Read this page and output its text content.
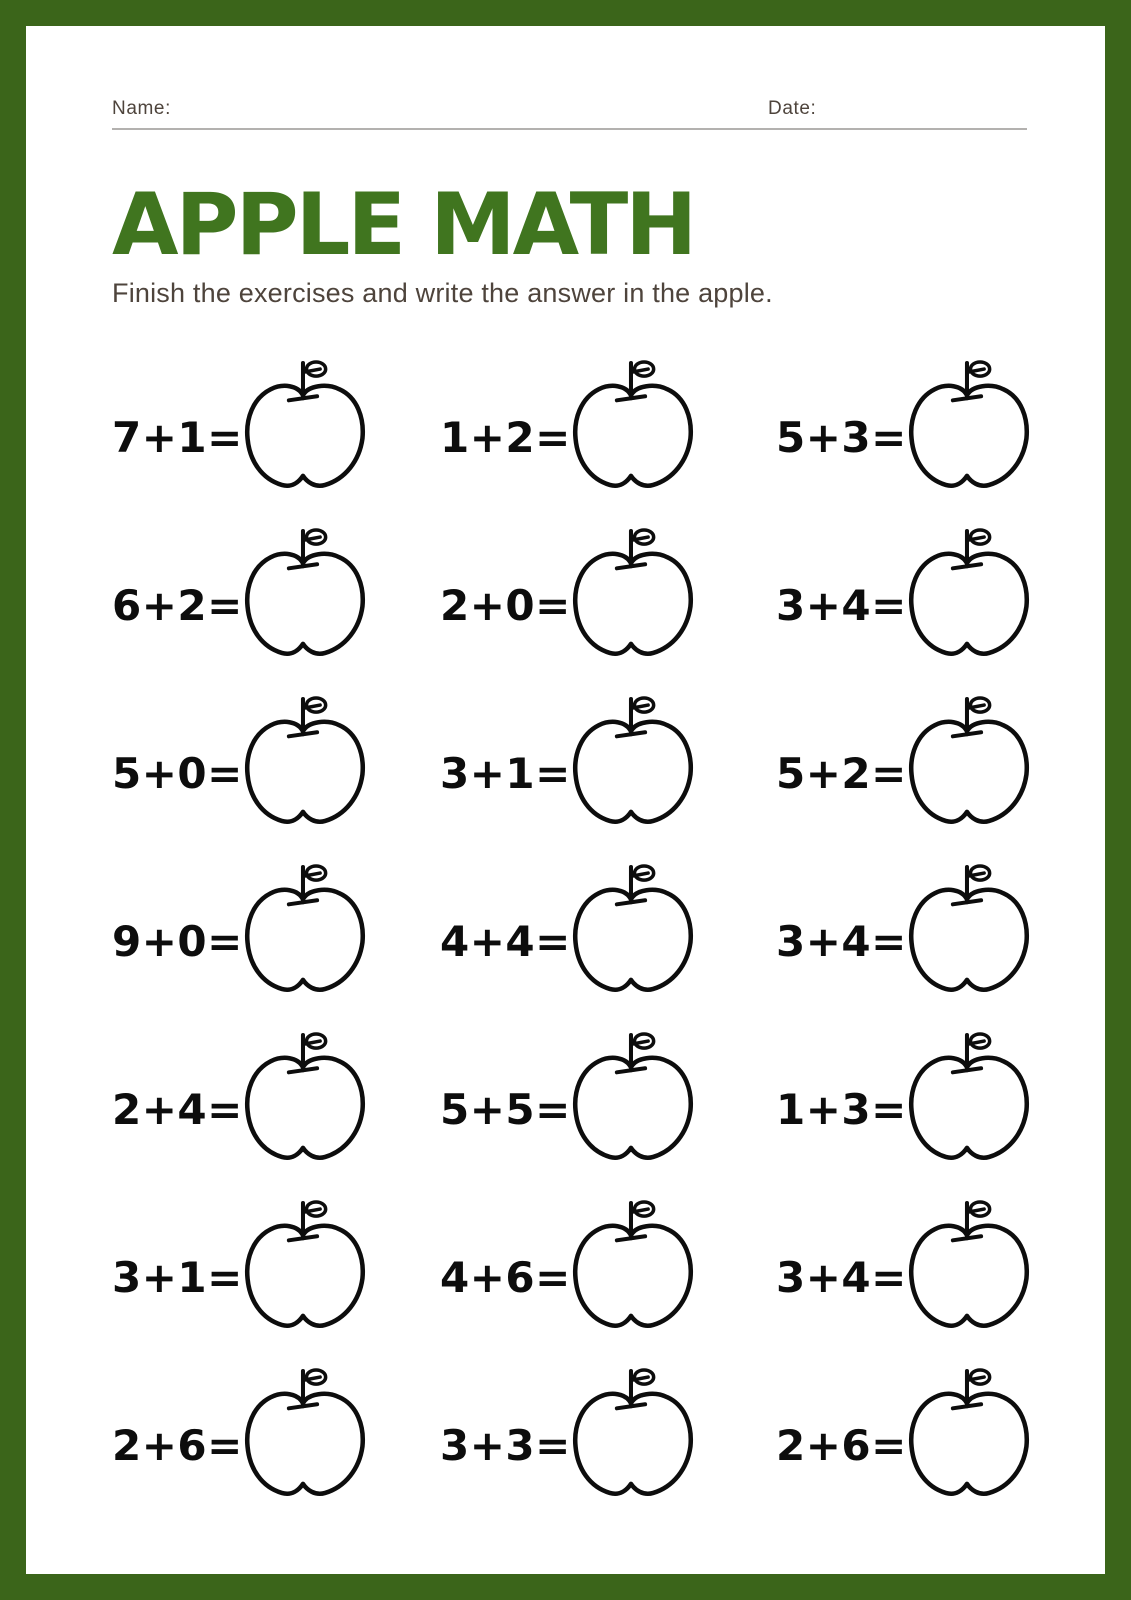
Name:	Date:
APPLE MATH

Finish the exercises and write the answer in the apple.

7+1=	1+2=	5+3=
6+2=	2+0=	3+4=
5+0=	3+1=	5+2=
9+0=	4+4=	3+4=
2+4=	5+5=	1+3=
3+1=	4+6=	3+4=
2+6=	3+3=	2+6=
